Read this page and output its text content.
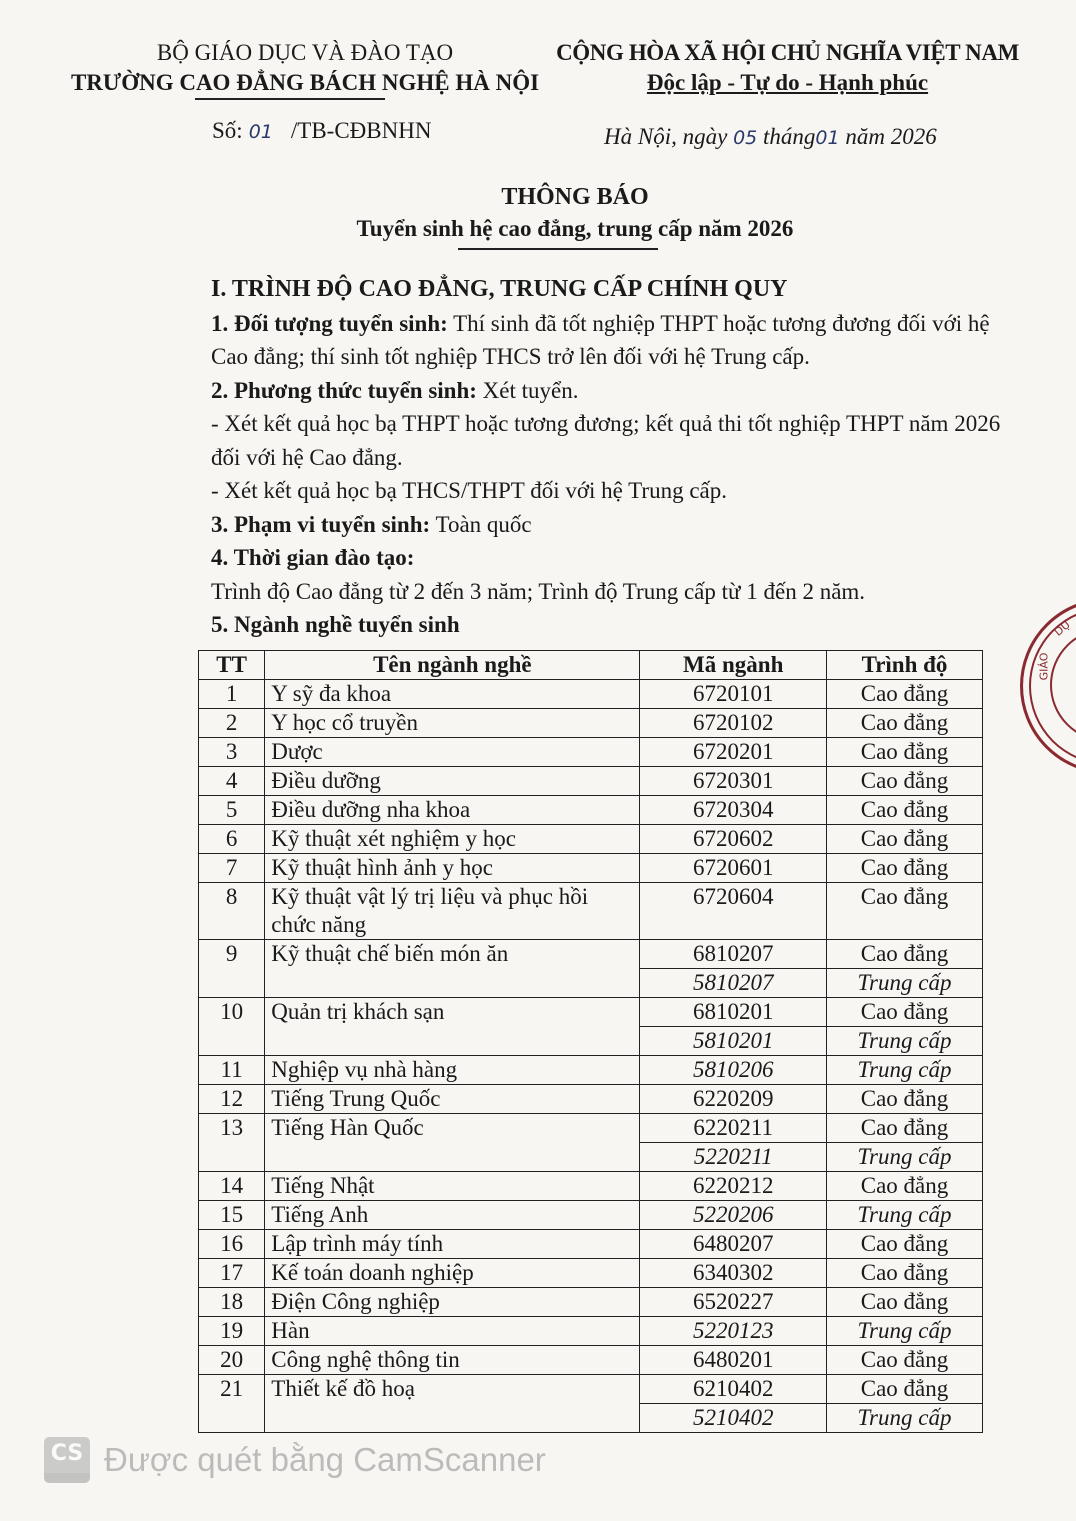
BỘ GIÁO DỤC VÀ ĐÀO TẠO
TRƯỜNG CAO ĐẲNG BÁCH NGHỆ HÀ NỘI
CỘNG HÒA XÃ HỘI CHỦ NGHĨA VIỆT NAM
Độc lập - Tự do - Hạnh phúc
Số: 01 /TB-CĐBNHN	Hà Nội, ngày 05 tháng01 năm 2026
THÔNG BÁO
Tuyển sinh hệ cao đẳng, trung cấp năm 2026

I. TRÌNH ĐỘ CAO ĐẲNG, TRUNG CẤP CHÍNH QUY

1. Đối tượng tuyển sinh: Thí sinh đã tốt nghiệp THPT hoặc tương đương đối với hệ Cao đẳng; thí sinh tốt nghiệp THCS trở lên đối với hệ Trung cấp.

2. Phương thức tuyển sinh: Xét tuyển.

- Xét kết quả học bạ THPT hoặc tương đương; kết quả thi tốt nghiệp THPT năm 2026 đối với hệ Cao đẳng.

- Xét kết quả học bạ THCS/THPT đối với hệ Trung cấp.

3. Phạm vi tuyển sinh: Toàn quốc

4. Thời gian đào tạo:

Trình độ Cao đẳng từ 2 đến 3 năm; Trình độ Trung cấp từ 1 đến 2 năm.

5. Ngành nghề tuyển sinh

TT	Tên ngành nghề	Mã ngành	Trình độ
1	Y sỹ đa khoa	6720101	Cao đẳng
2	Y học cổ truyền	6720102	Cao đẳng
3	Dược	6720201	Cao đẳng
4	Điều dưỡng	6720301	Cao đẳng
5	Điều dưỡng nha khoa	6720304	Cao đẳng
6	Kỹ thuật xét nghiệm y học	6720602	Cao đẳng
7	Kỹ thuật hình ảnh y học	6720601	Cao đẳng
8	Kỹ thuật vật lý trị liệu và phục hồi chức năng	6720604	Cao đẳng
9	Kỹ thuật chế biến món ăn	6810207	Cao đẳng
		5810207	Trung cấp
10	Quản trị khách sạn	6810201	Cao đẳng
		5810201	Trung cấp
11	Nghiệp vụ nhà hàng	5810206	Trung cấp
12	Tiếng Trung Quốc	6220209	Cao đẳng
13	Tiếng Hàn Quốc	6220211	Cao đẳng
		5220211	Trung cấp
14	Tiếng Nhật	6220212	Cao đẳng
15	Tiếng Anh	5220206	Trung cấp
16	Lập trình máy tính	6480207	Cao đẳng
17	Kế toán doanh nghiệp	6340302	Cao đẳng
18	Điện Công nghiệp	6520227	Cao đẳng
19	Hàn	5220123	Trung cấp
20	Công nghệ thông tin	6480201	Cao đẳng
21	Thiết kế đồ hoạ	6210402	Cao đẳng
		5210402	Trung cấp
GIÁO
DỤ
CS Được quét bằng CamScanner
